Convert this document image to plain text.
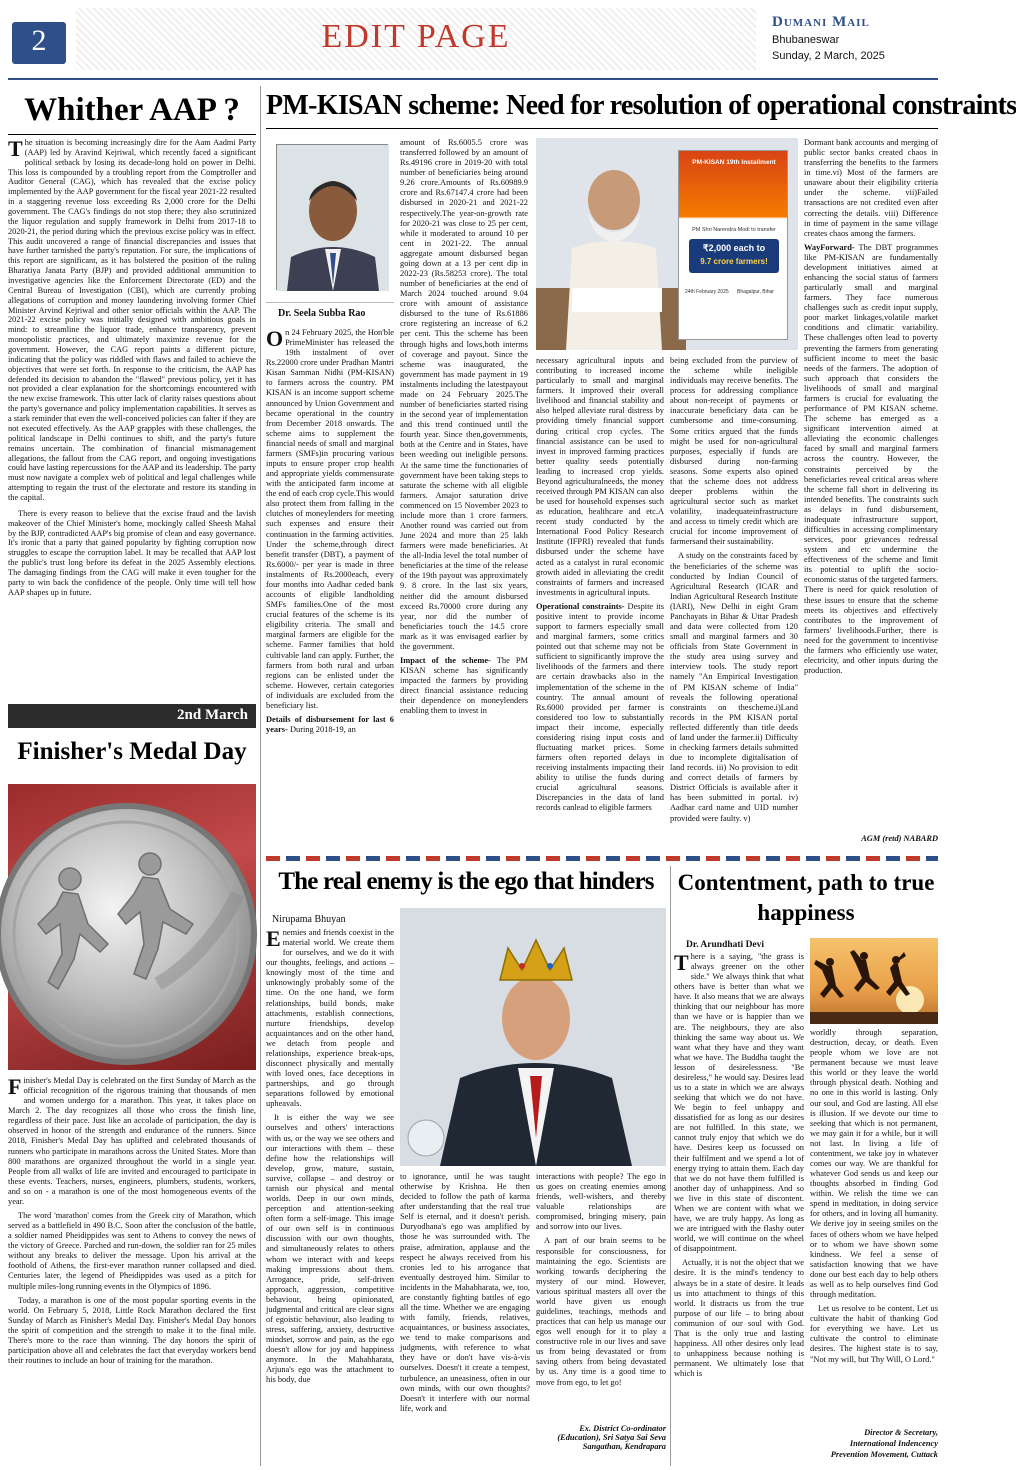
2	EDIT PAGE	Dumani Mail
Bhubaneswar
Sunday, 2 March, 2025
Whither AAP ?

The situation is becoming increasingly dire for the Aam Aadmi Party (AAP) led by Aravind Kejriwal, which recently faced a significant political setback by losing its decade-long hold on power in Delhi. This loss is compounded by a troubling report from the Comptroller and Auditor General (CAG), which has revealed that the excise policy implemented by the AAP government for the fiscal year 2021-22 resulted in a staggering revenue loss exceeding Rs 2,000 crore for the Delhi government. The CAG's findings do not stop there; they also scrutinized the liquor regulation and supply framework in Delhi from 2017-18 to 2020-21, the period during which the previous excise policy was in effect. This audit uncovered a range of financial discrepancies and issues that have further tarnished the party's reputation. For sure, the implications of this report are significant, as it has bolstered the position of the ruling Bharatiya Janata Party (BJP) and provided additional ammunition to investigative agencies like the Enforcement Directorate (ED) and the Central Bureau of Investigation (CBI), which are currently probing allegations of corruption and money laundering involving former Chief Minister Arvind Kejriwal and other senior officials within the AAP. The 2021-22 excise policy was initially designed with ambitious goals in mind: to streamline the liquor trade, enhance transparency, prevent monopolistic practices, and ultimately maximize revenue for the government. However, the CAG report paints a different picture, indicating that the policy was riddled with flaws and failed to achieve the objectives that were set forth. In response to the criticism, the AAP has defended its decision to abandon the "flawed" previous policy, yet it has not provided a clear explanation for the shortcomings encountered with the new excise framework. This utter lack of clarity raises questions about the party's governance and policy implementation capabilities. It serves as a stark reminder that even the well-conceived policies can falter if they are not executed effectively. As the AAP grapples with these challenges, the political landscape in Delhi continues to shift, and the party's future remains uncertain. The combination of financial mismanagement allegations, the fallout from the CAG report, and ongoing investigations could have lasting repercussions for the AAP and its leadership. The party must now navigate a complex web of political and legal challenges while attempting to regain the trust of the electorate and restore its standing in the capital.

There is every reason to believe that the excise fraud and the lavish makeover of the Chief Minister's home, mockingly called Sheesh Mahal by the BJP, contradicted AAP's big promise of clean and easy governance. It's ironic that a party that gained popularity by fighting corruption now struggles to escape the corruption label. It may be recalled that AAP lost the public's trust long before its defeat in the 2025 Assembly elections. The damaging findings from the CAG will make it even tougher for the party to win back the confidence of the people. Only time will tell how AAP shapes up in future.

2nd March
Finisher's Medal Day

Finisher's Medal Day is celebrated on the first Sunday of March as the official recognition of the rigorous training that thousands of men and women undergo for a marathon. This year, it takes place on March 2. The day recognizes all those who cross the finish line, regardless of their pace. Just like an accolade of participation, the day is observed in honor of the strength and endurance of the runners. Since 2018, Finisher's Medal Day has uplifted and celebrated thousands of runners who participate in marathons across the United States. More than 800 marathons are organized throughout the world in a single year. People from all walks of life are invited and encouraged to participate in these events. Teachers, nurses, engineers, plumbers, students, workers, and so on - a marathon is one of the most homogeneous events of the year.

The word 'marathon' comes from the Greek city of Marathon, which served as a battlefield in 490 B.C. Soon after the conclusion of the battle, a soldier named Pheidippides was sent to Athens to convey the news of the victory of Greece. Parched and run-down, the soldier ran for 25 miles without any breaks to deliver the message. Upon his arrival at the foothold of Athens, the first-ever marathon runner collapsed and died. Centuries later, the legend of Pheidippides was used as a pitch for multiple miles-long running events in the Olympics of 1896.

Today, a marathon is one of the most popular sporting events in the world. On February 5, 2018, Little Rock Marathon declared the first Sunday of March as Finisher's Medal Day. Finisher's Medal Day honors the spirit of competition and the strength to make it to the final mile. There's more to the race than winning. The day honors the spirit of participation above all and celebrates the fact that everyday workers bend their routines to include an hour of training for the marathon.

PM-KISAN scheme: Need for resolution of operational constraints
Dr. Seela Subba Rao

On 24 February 2025, the Hon'ble PrimeMinister has released the 19th instalment of over Rs.22000 crore under Pradhan Mantri Kisan Samman Nidhi (PM-KISAN) to farmers across the country. PM KISAN is an income support scheme announced by Union Government and became operational in the country from December 2018 onwards. The scheme aims to supplement the financial needs of small and marginal farmers (SMFs)in procuring various inputs to ensure proper crop health and appropriate yields commensurate with the anticipated farm income at the end of each crop cycle.This would also protect them from falling in the clutches of moneylenders for meeting such expenses and ensure their continuation in the farming activities. Under the scheme,through direct benefit transfer (DBT), a payment of Rs.6000/- per year is made in three instalments of Rs.2000each, every four months into Aadhar ceded bank accounts of eligible landholding SMFs families.One of the most crucial features of the scheme is its eligibility criteria. The small and marginal farmers are eligible for the scheme. Farmer families that hold cultivable land can apply. Further, the farmers from both rural and urban regions can be enlisted under the scheme. However, certain categories of individuals are excluded from the beneficiary list.

Details of disbursement for last 6 years- During 2018-19, an

amount of Rs.6005.5 crore was transferred followed by an amount of Rs.49196 crore in 2019-20 with total number of beneficiaries being around 9.26 crore.Amounts of Rs.60989.9 crore and Rs.67147.4 crore had been disbursed in 2020-21 and 2021-22 respectively.The year-on-growth rate for 2020-21 was close to 25 per cent, while it moderated to around 10 per cent in 2021-22. The annual aggregate amount disbursed began going down at a 13 per cent dip in 2022-23 (Rs.58253 crore). The total number of beneficiaries at the end of March 2024 touched around 9.04 crore with amount of assistance disbursed to the tune of Rs.61886 crore registering an increase of 6.2 per cent. This the scheme has been through highs and lows,both interms of coverage and payout. Since the scheme was inaugurated, the government has made payment in 19 instalments including the latestpayout made on 24 February 2025.The number of beneficiaries started rising in the second year of implementation and this trend continued until the fourth year. Since then,governments, both at the Centre and in States, have been weeding out ineligible persons. At the same time the functionaries of government have been taking steps to saturate the scheme with all eligible farmers. Amajor saturation drive commenced on 15 November 2023 to include more than 1 crore farmers. Another round was carried out from June 2024 and more than 25 lakh farmers were made beneficiaries. At the all-India level the total number of beneficiaries at the time of the release of the 19th payout was approximately 9. 8 crore. In the last six years, neither did the amount disbursed exceed Rs.70000 crore during any year, nor did the number of beneficiaries touch the 14.5 crore mark as it was envisaged earlier by the government.

Impact of the scheme- The PM KISAN scheme has significantly impacted the farmers by providing direct financial assistance reducing their dependence on moneylenders enabling them to invest in

PM-KISAN 19th Installment
PM Shri Narendra Modi to transfer
₹2,000 each to
9.7 crore farmers!
24th February 2025	Bhagalpur, Bihar

necessary agricultural inputs and contributing to increased income particularly to small and marginal farmers. It improved their overall livelihood and financial stability and also helped alleviate rural distress by providing timely financial support during critical crop cycles. The financial assistance can be used to invest in improved farming practices better quality seeds potentially leading to increased crop yields. Beyond agriculturalneeds, the money received through PM KISAN can also be used for household expenses such as education, healthcare and etc.A recent study conducted by the International Food Policy Research Institute (IFPRI) revealed that funds disbursed under the scheme have acted as a catalyst in rural economic growth aided in alleviating the credit constraints of farmers and increased investments in agricultural inputs.

Operational constraints- Despite its positive intent to provide income support to farmers especially small and marginal farmers, some critics pointed out that scheme may not be sufficient to significantly improve the livelihoods of the farmers and there are certain drawbacks also in the implementation of the scheme in the country. The annual amount of Rs.6000 provided per farmer is considered too low to substantially impact their income, especially considering rising input costs and fluctuating market prices. Some farmers often reported delays in receiving instalments impacting their ability to utilise the funds during crucial agricultural seasons. Discrepancies in the data of land records canlead to eligible farmers

being excluded from the purview of the scheme while ineligible individuals may receive benefits. The process for addressing compliance about non-receipt of payments or inaccurate beneficiary data can be cumbersome and time-consuming. Some critics argued that the funds might be used for non-agricultural purposes, especially if funds are disbursed during non-farming seasons. Some experts also opined that the scheme does not address deeper problems within the agricultural sector such as market volatility, inadequateinfrastructure and access to timely credit which are crucial for income improvement of farmersand their sustainability.

A study on the constraints faced by the beneficiaries of the scheme was conducted by Indian Council of Agricultural Research (ICAR and Indian Agricultural Research Institute (IARI), New Delhi in eight Gram Panchayats in Bihar & Uttar Pradesh and data were collected from 120 small and marginal farmers and 30 officials from State Government in the study area using survey and interview tools. The study report namely "An Empirical Investigation of PM KISAN scheme of India" reveals the following operational constraints on thescheme.i)Land records in the PM KISAN portal reflected differently than title deeds of land under the farmer.ii) Difficulty in checking farmers details submitted due to incomplete digitalisation of land records. iii) No provision to edit and correct details of farmers by District Officials is available after it has been submitted in portal. iv) Aadhar card name and UID number provided were faulty. v)

Dormant bank accounts and merging of public sector banks created chaos in transferring the benefits to the farmers in time.vi) Most of the farmers are unaware about their eligibility criteria under the scheme. vii)Failed transactions are not credited even after correcting the details. viii) Difference in time of payment in the same village creates chaos among the farmers.

WayForward- The DBT programmes like PM-KISAN are fundamentally development initiatives aimed at enhancing the social status of farmers particularly small and marginal farmers. They face numerous challenges such as credit input supply, poor market linkages,volatile market conditions and climatic variability. These challenges often lead to poverty preventing the farmers from generating sufficient income to meet the basic needs of the farmers. The adoption of such approach that considers the livelihoods of small and marginal farmers is crucial for evaluating the performance of PM KISAN scheme. The scheme has emerged as a significant intervention aimed at alleviating the economic challenges faced by small and marginal farmers across the country. However, the constraints perceived by the beneficiaries reveal critical areas where the scheme fall short in delivering its intended benefits. The constraints such as delays in fund disbursement, inadequate infrastructure support, difficulties in accessing complimentary services, poor grievances redressal system and etc undermine the effectiveness of the scheme and limit its potential to uplift the socio-economic status of the targeted farmers. There is need for quick resolution of these issues to ensure that the scheme meets its objectives and effectively contributes to the improvement of farmers' livelihoods.Further, there is need for the government to incentivise the farmers who efficiently use water, electricity, and other inputs during the production.

AGM (retd) NABARD
The real enemy is the ego that hinders
Nirupama Bhuyan

Enemies and friends coexist in the material world. We create them for ourselves, and we do it with our thoughts, feelings, and actions – knowingly most of the time and unknowingly probably some of the time. On the one hand, we form relationships, build bonds, make attachments, establish connections, nurture friendships, develop acquaintances and on the other hand, we detach from people and relationships, experience break-ups, disconnect physically and mentally with loved ones, face deceptions in partnerships, and go through separations followed by emotional upheavals.

It is either the way we see ourselves and others' interactions with us, or the way we see others and our interactions with them – these define how the relationships will develop, grow, mature, sustain, survive, collapse – and destroy or tarnish our physical and mental worlds. Deep in our own minds, perception and attention-seeking often form a self-image. This image of our own self is in continuous discussion with our own thoughts, and simultaneously relates to others whom we interact with and keeps making impressions about them. Arrogance, pride, self-driven approach, aggression, competitive behaviour, being opinionated, judgmental and critical are clear signs of egoistic behaviour, also leading to stress, suffering, anxiety, destructive mindset, sorrow and pain, as the ego doesn't allow for joy and happiness anymore. In the Mahabharata, Arjuna's ego was the attachment to his body, due

to ignorance, until he was taught otherwise by Krishna. He then decided to follow the path of karma after understanding that the real true Self is eternal, and it doesn't perish. Duryodhana's ego was amplified by those he was surrounded with. The praise, admiration, applause and the respect he always received from his cronies led to his arrogance that eventually destroyed him. Similar to incidents in the Mahabharata, we, too, are constantly fighting battles of ego all the time. Whether we are engaging with family, friends, relatives, acquaintances, or business associates, we tend to make comparisons and judgments, with reference to what they have or don't have vis-à-vis ourselves. Doesn't it create a tempest, turbulence, an uneasiness, often in our own minds, with our own thoughts? Doesn't it interfere with our normal life, work and

interactions with people? The ego in us goes on creating enemies among friends, well-wishers, and thereby valuable relationships are compromised, bringing misery, pain and sorrow into our lives.

A part of our brain seems to be responsible for consciousness, for maintaining the ego. Scientists are working towards deciphering the mystery of our mind. However, various spiritual masters all over the world have given us enough guidelines, teachings, methods and practices that can help us manage our egos well enough for it to play a constructive role in our lives and save us from being devastated or from saving others from being devastated by us. Any time is a good time to move from ego, to let go!

Ex. District Co-ordinator (Education), Sri Satya Sai Seva Sangathan, Kendrapara
Contentment, path to true happiness
Dr. Arundhati Devi

There is a saying, "the grass is always greener on the other side." We always think that what others have is better than what we have. It also means that we are always thinking that our neighbour has more than we have or is happier than we are. The neighbours, they are also thinking the same way about us. We want what they have and they want what we have. The Buddha taught the lesson of desirelessness. "Be desireless," he would say. Desires lead us to a state in which we are always seeking that which we do not have. We begin to feel unhappy and dissatisfied for as long as our desires are not fulfilled. In this state, we cannot truly enjoy that which we do have. Desires keep us focussed on their fulfilment and we spend a lot of energy trying to attain them. Each day that we do not have them fulfilled is another day of unhappiness. And so we live in this state of discontent. When we are content with what we have, we are truly happy. As long as we are intrigued with the flashy outer world, we will continue on the wheel of disappointment.

Actually, it is not the object that we desire. It is the mind's tendency to always be in a state of desire. It leads us into attachment to things of this world. It distracts us from the true purpose of our life – to bring about communion of our soul with God. That is the only true and lasting happiness. All other desires only lead to unhappiness because nothing is permanent. We ultimately lose that which is

worldly through separation, destruction, decay, or death. Even people whom we love are not permanent because we must leave this world or they leave the world through physical death. Nothing and no one in this world is lasting. Only our soul, and God are lasting. All else is illusion. If we devote our time to seeking that which is not permanent, we may gain it for a while, but it will not last. In living a life of contentment, we take joy in whatever comes our way. We are thankful for whatever God sends us and keep our thoughts absorbed in finding God within. We relish the time we can spend in meditation, in doing service for others, and in loving all humanity. We derive joy in seeing smiles on the faces of others whom we have helped or to whom we have shown some kindness. We feel a sense of satisfaction knowing that we have done our best each day to help others as well as to help ourselves find God through meditation.

Let us resolve to be content. Let us cultivate the habit of thanking God for everything we have. Let us cultivate the control to eliminate desires. The highest state is to say, "Not my will, but Thy Will, O Lord."

Director & Secretary,
International Indencency
Prevention Movement, Cuttack
